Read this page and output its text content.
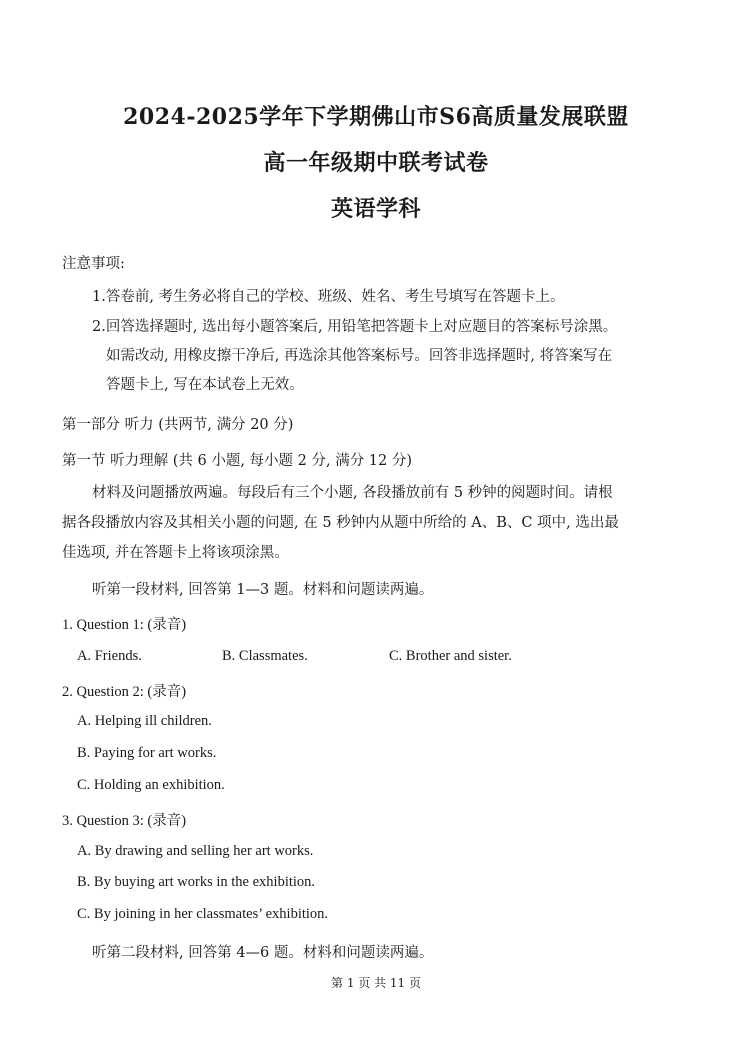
2024-2025学年下学期佛山市S6高质量发展联盟
高一年级期中联考试卷
英语学科
注意事项:
1.答卷前, 考生务必将自己的学校、班级、姓名、考生号填写在答题卡上。
2.回答选择题时, 选出每小题答案后, 用铅笔把答题卡上对应题目的答案标号涂黑。
如需改动, 用橡皮擦干净后, 再选涂其他答案标号。回答非选择题时, 将答案写在
答题卡上, 写在本试卷上无效。
第一部分 听力 (共两节, 满分 20 分)
第一节 听力理解 (共 6 小题, 每小题 2 分, 满分 12 分)
材料及问题播放两遍。每段后有三个小题, 各段播放前有 5 秒钟的阅题时间。请根
据各段播放内容及其相关小题的问题, 在 5 秒钟内从题中所给的 A、B、C 项中, 选出最
佳选项, 并在答题卡上将该项涂黑。
听第一段材料, 回答第 1—3 题。材料和问题读两遍。
1. Question 1: (录音)
A. Friends.	B. Classmates.	C. Brother and sister.
2. Question 2: (录音)
A. Helping ill children.
B. Paying for art works.
C. Holding an exhibition.
3. Question 3: (录音)
A. By drawing and selling her art works.
B. By buying art works in the exhibition.
C. By joining in her classmates’ exhibition.
听第二段材料, 回答第 4—6 题。材料和问题读两遍。
第 1 页 共 11 页
